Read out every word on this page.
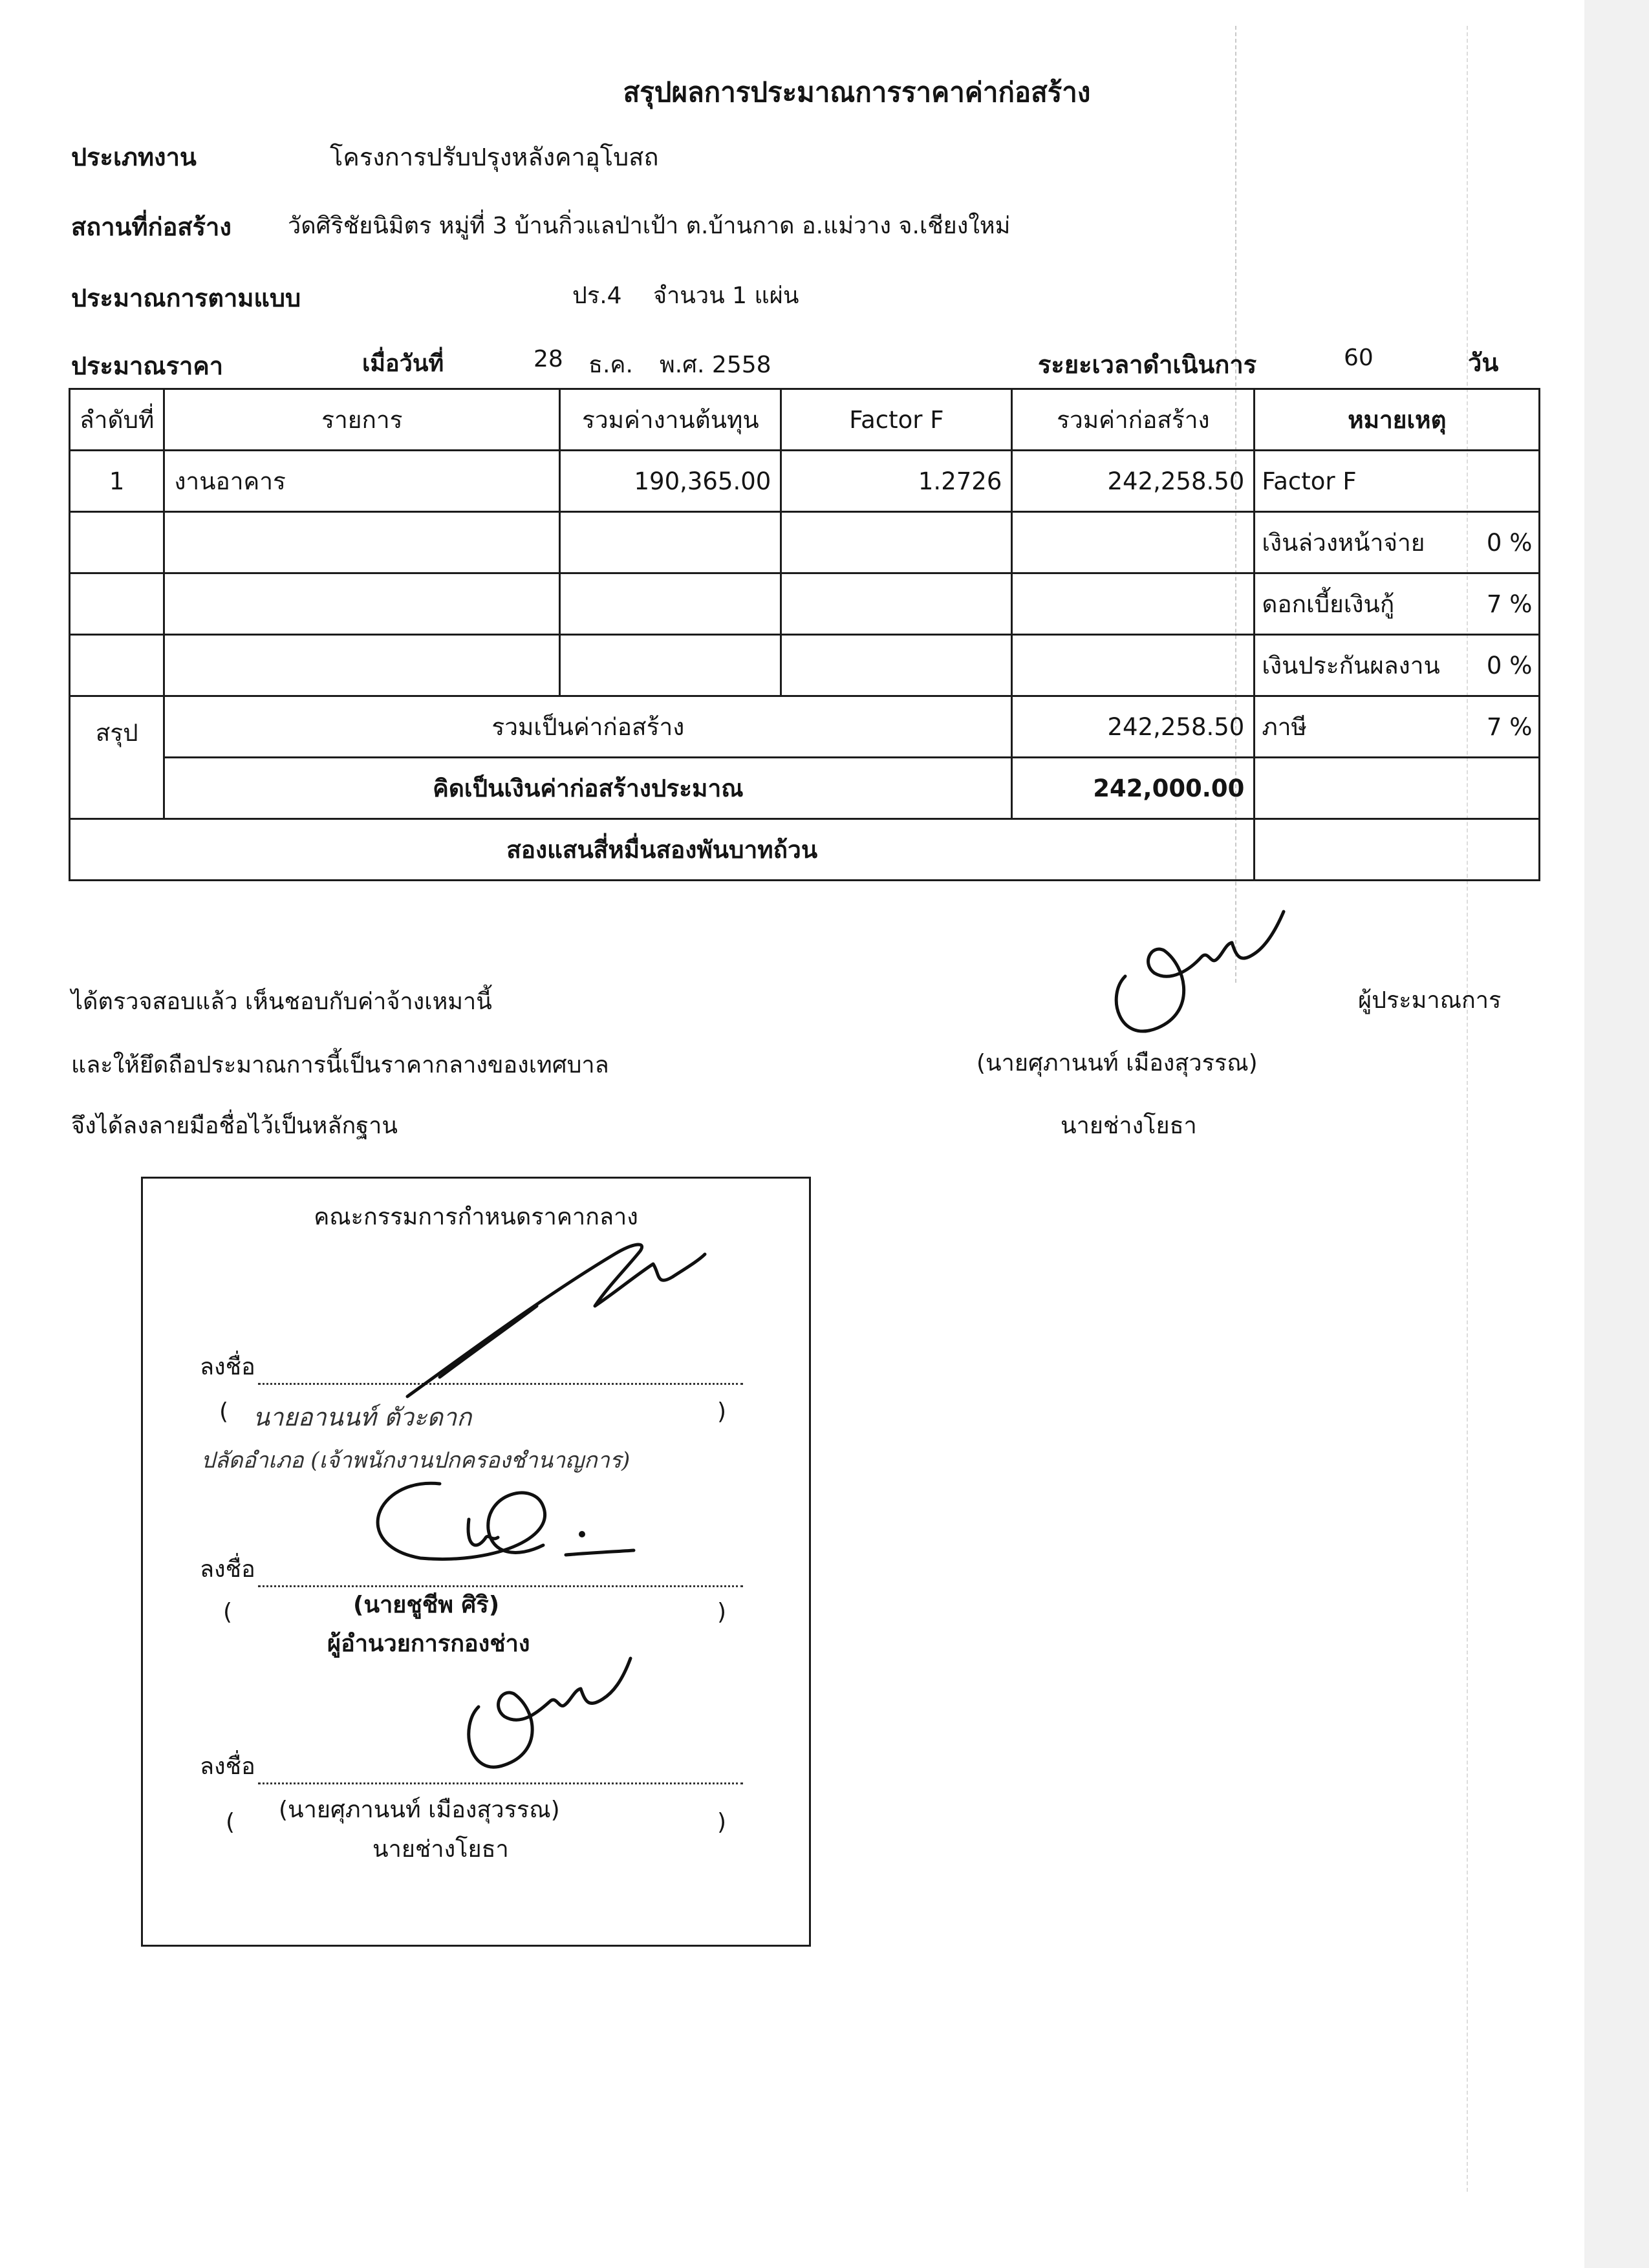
สรุปผลการประมาณการราคาค่าก่อสร้าง
ประเภทงาน	โครงการปรับปรุงหลังคาอุโบสถ
สถานที่ก่อสร้าง วัดศิริชัยนิมิตร หมู่ที่ 3 บ้านกิ่วแลป่าเป้า ต.บ้านกาด อ.แม่วาง จ.เชียงใหม่
ประมาณการตามแบบ	ปร.4 จำนวน 1 แผ่น
ประมาณราคา	เมื่อวันที่	28 ธ.ค. พ.ศ. 2558	ระยะเวลาดำเนินการ	60	วัน
ลำดับที่	รายการ	รวมค่างานต้นทุน	Factor F	รวมค่าก่อสร้าง	หมายเหตุ
1	งานอาคาร	190,365.00	1.2726	242,258.50	Factor F

					เงินล่วงหน้าจ่าย 0 %

					ดอกเบี้ยเงินกู้ 7 %

					เงินประกันผลงาน 0 %

สรุป	รวมเป็นค่าก่อสร้าง			242,258.50	ภาษี 7 %

	คิดเป็นเงินค่าก่อสร้างประมาณ			242,000.00	
สองแสนสี่หมื่นสองพันบาทถ้วน					
ได้ตรวจสอบแล้ว เห็นชอบกับค่าจ้างเหมานี้
และให้ยึดถือประมาณการนี้เป็นราคากลางของเทศบาล
จึงได้ลงลายมือชื่อไว้เป็นหลักฐาน
ผู้ประมาณการ
(นายศุภานนท์ เมืองสุวรรณ)
นายช่างโยธา
คณะกรรมการกำหนดราคากลาง
ลงชื่อ
( นายอานนท์ ตัวะดาก	)
ปลัดอำเภอ (เจ้าพนักงานปกครองชำนาญการ)
ลงชื่อ
(	(นายชูชีพ ศิริ)	)
ผู้อำนวยการกองช่าง
ลงชื่อ
( (นายศุภานนท์ เมืองสุวรรณ)	)
นายช่างโยธา
